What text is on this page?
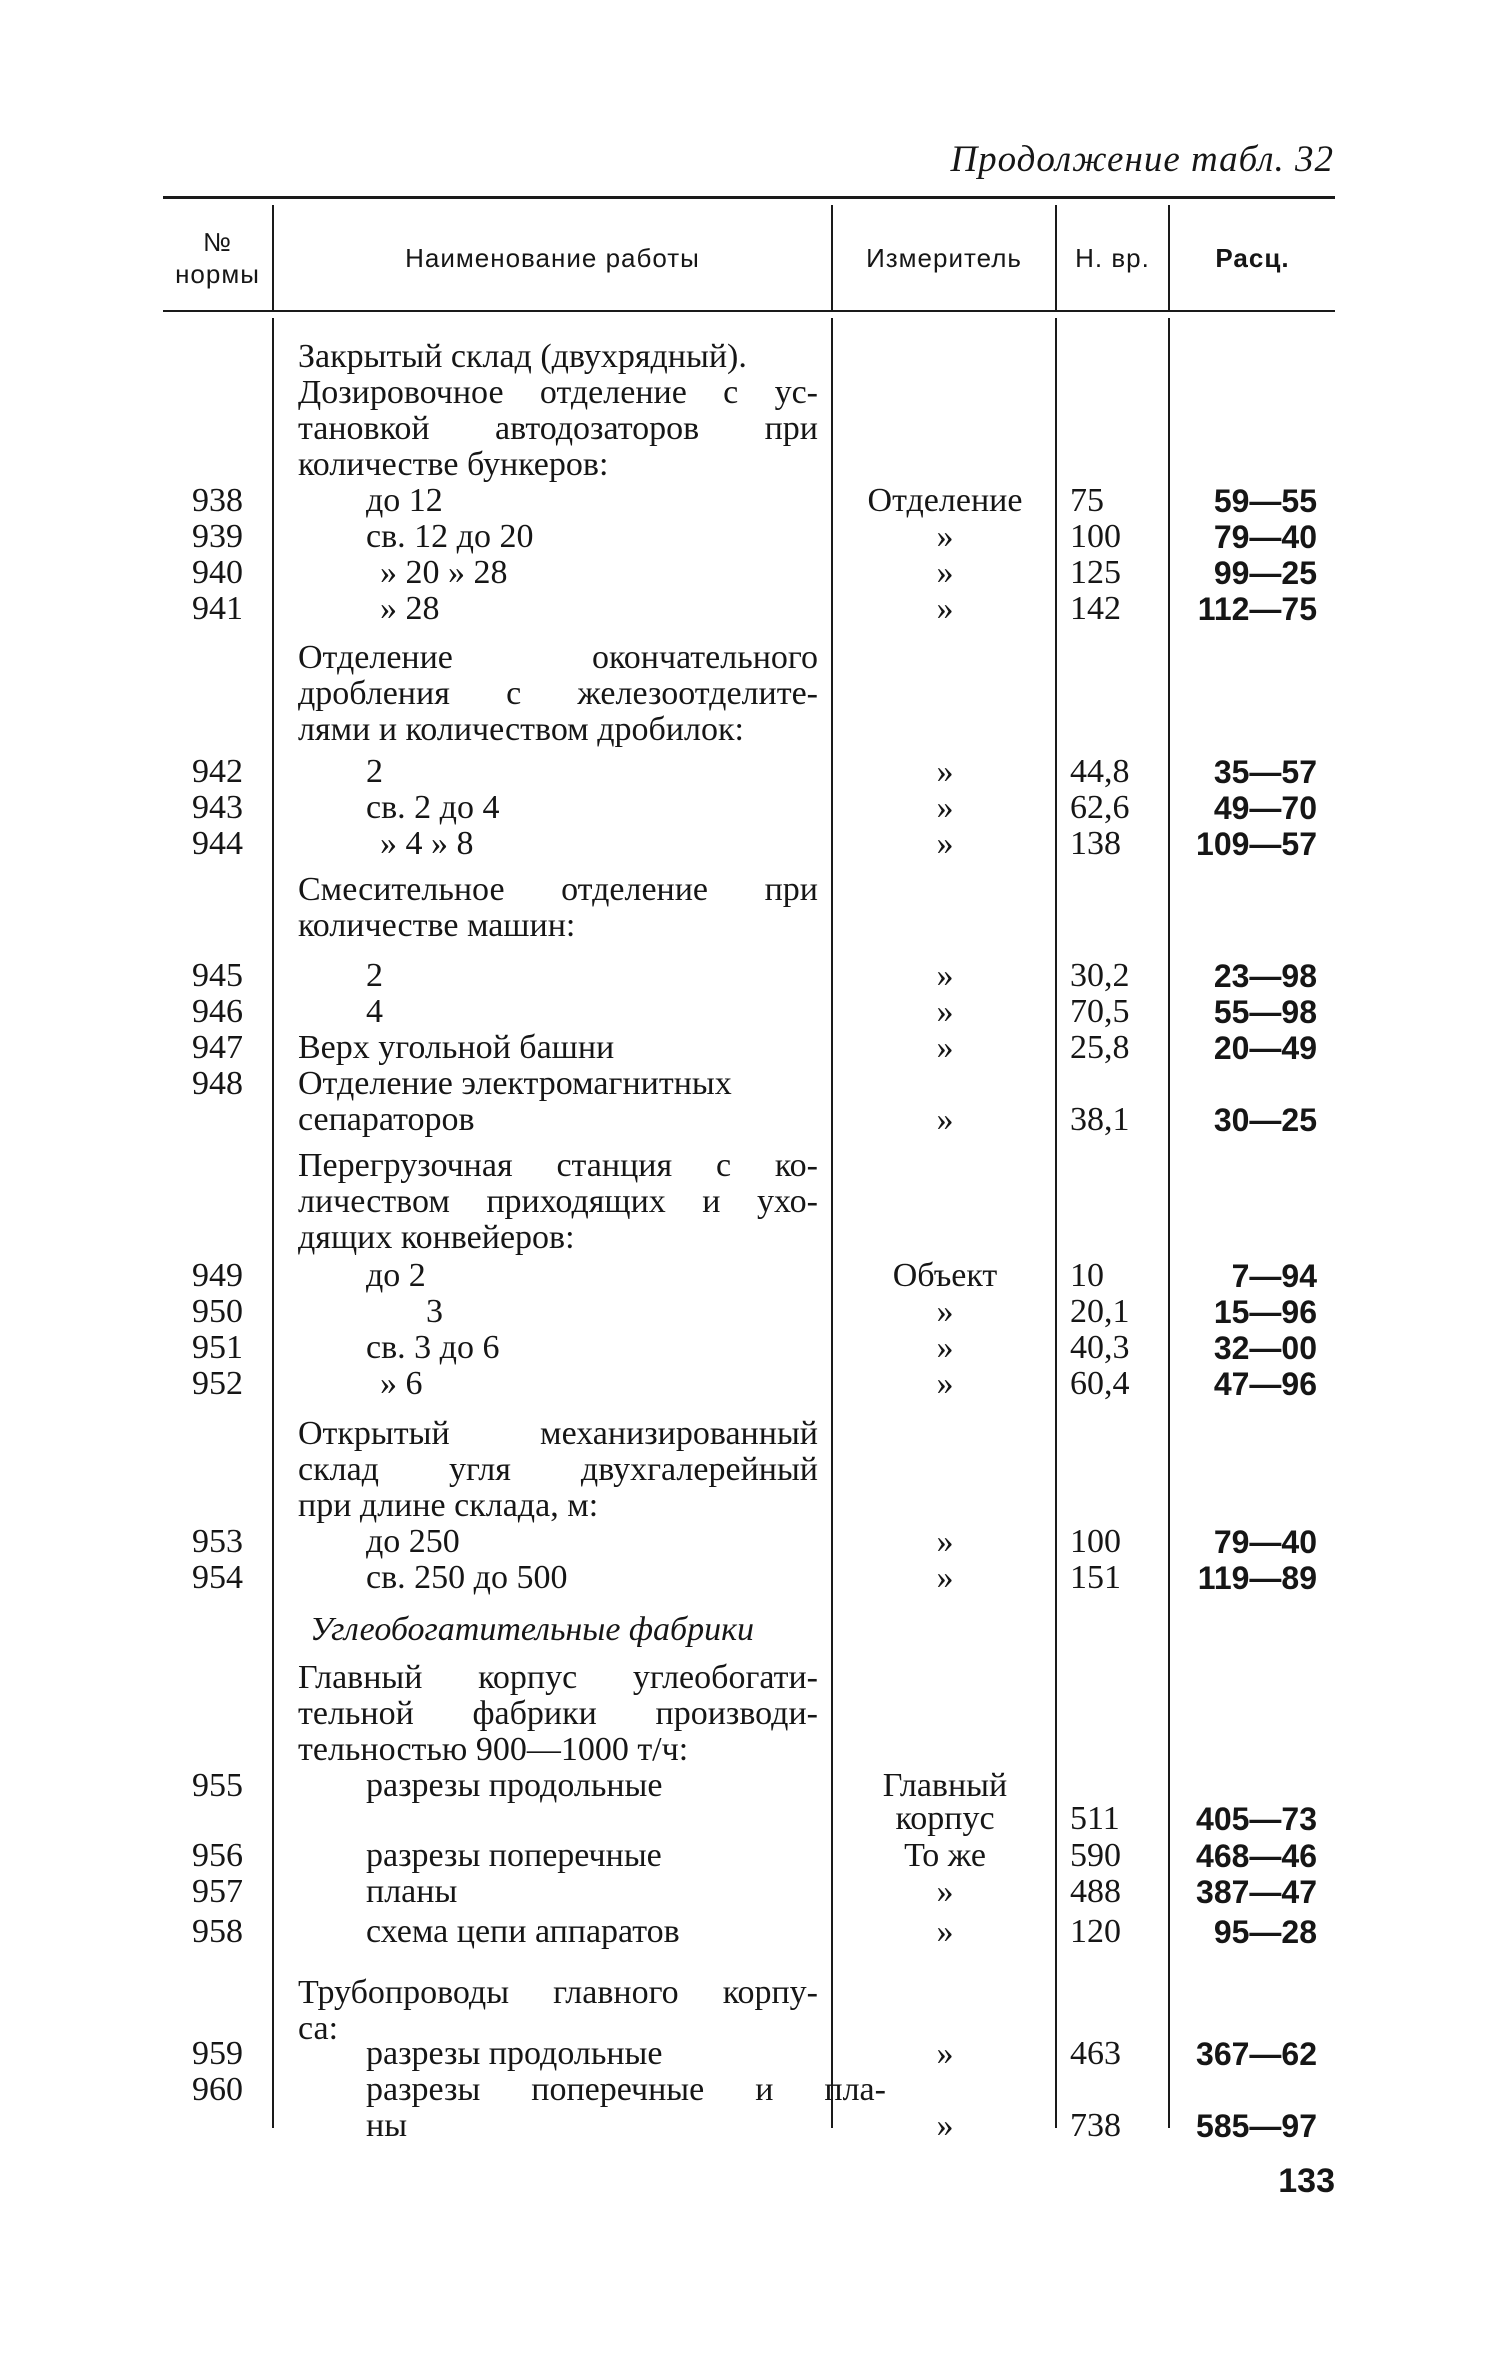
Продолжение табл. 32
№
нормы
Наименование работы	Измеритель	Н. вр.	Расц.
Закрытый склад (двухрядный).
Дозировочное отделение с ус-
тановкой автодозаторов при
количестве бункеров:
938	до 12	Отделение	75	59—55
939	св. 12 до 20	»	100	79—40
940	» 20 » 28	»	125	99—25
941	» 28	»	142	112—75
Отделение	окончательного
дробления с железоотделите-
лями и количеством дробилок:
942	2	»	44,8	35—57
943	св. 2 до 4	»	62,6	49—70
944	» 4 » 8	»	138	109—57
Смесительное отделение при
количестве машин:
945	2	»	30,2	23—98
946	4	»	70,5	55—98
947 Верх угольной башни	»	25,8	20—49
948 Отделение электромагнитных
сепараторов	»	38,1	30—25
Перегрузочная станция с ко-
личеством приходящих и ухо-
дящих конвейеров:
949	до 2	Объект	10	7—94
950	3	»	20,1	15—96
951	св. 3 до 6	»	40,3	32—00
952	» 6	»	60,4	47—96
Открытый	механизированный
склад угля двухгалерейный
при длине склада, м:
953	до 250	»	100	79—40
954	св. 250 до 500	»	151	119—89
Углеобогатительные фабрики
Главный корпус углеобогати-
тельной фабрики производи-
тельностью 900—1000 т/ч:
955	разрезы продольные	Главный
корпус	511	405—73
956	разрезы поперечные	То же	590	468—46
957	планы	»	488	387—47
958	схема цепи аппаратов	»	120	95—28
Трубопроводы главного корпу-
са:
959	разрезы продольные	»	463	367—62
960	разрезы поперечные и пла-
ны	»	738	585—97
133
